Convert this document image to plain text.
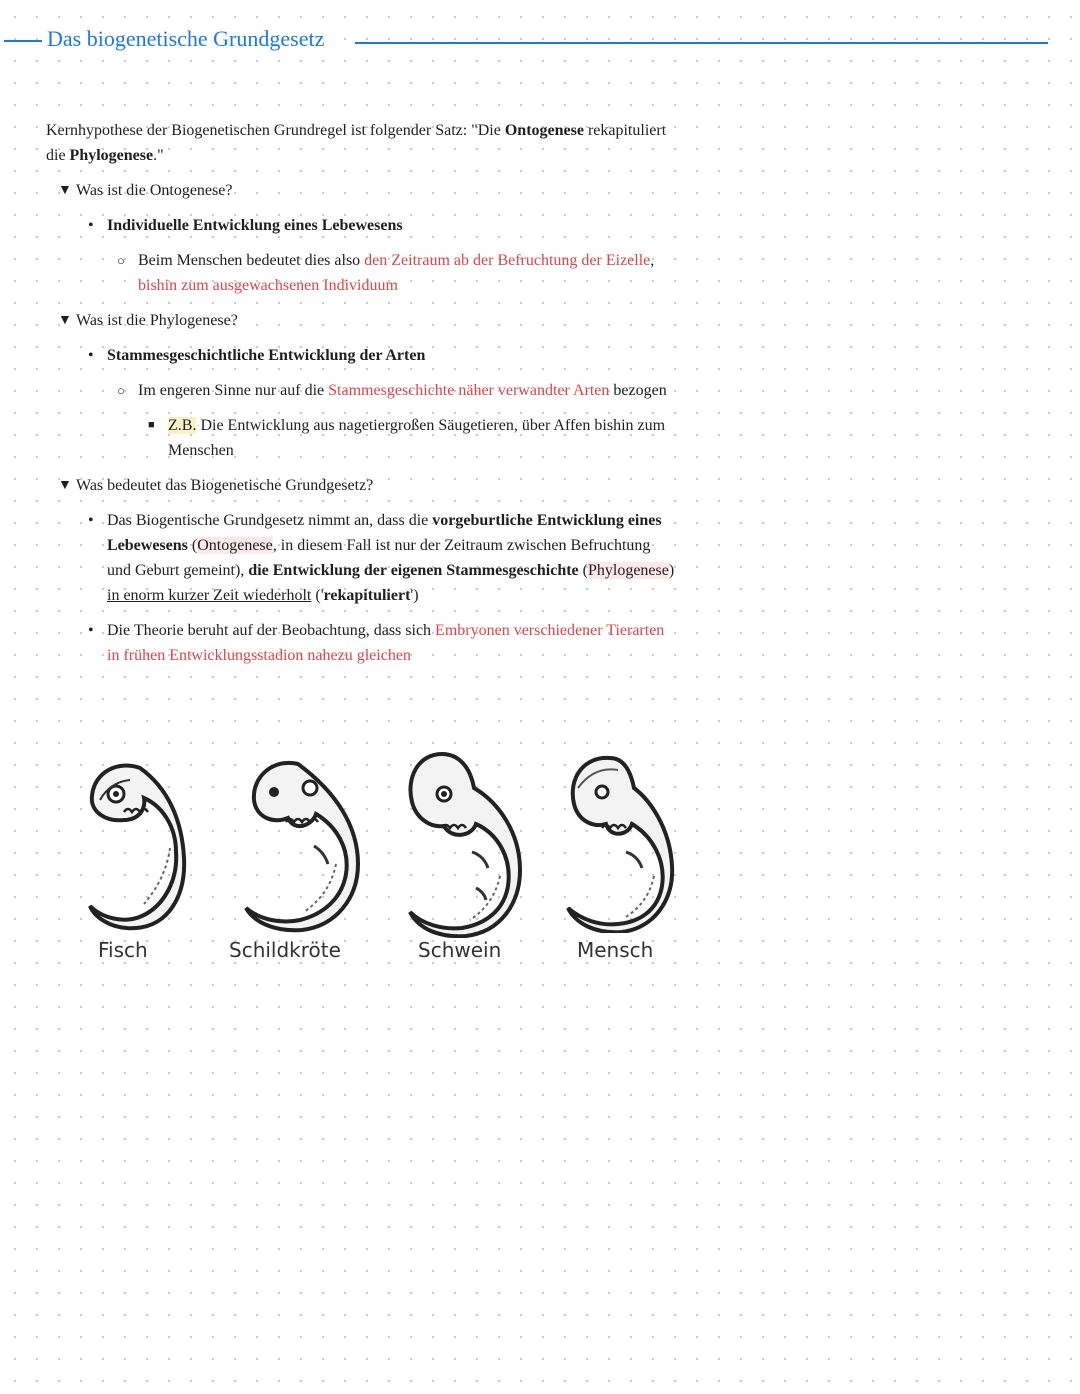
Das biogenetische Grundgesetz

Kernhypothese der Biogenetischen Grundregel ist folgender Satz: "Die Ontogenese rekapituliert die Phylogenese."

▼ Was ist die Ontogenese?
• Individuelle Entwicklung eines Lebewesens
○ Beim Menschen bedeutet dies also den Zeitraum ab der Befruchtung der Eizelle, bishin zum ausgewachsenen Individuum
▼ Was ist die Phylogenese?
• Stammesgeschichtliche Entwicklung der Arten
○ Im engeren Sinne nur auf die Stammesgeschichte näher verwandter Arten bezogen
■ Z.B. Die Entwicklung aus nagetiergroßen Säugetieren, über Affen bishin zum Menschen
▼ Was bedeutet das Biogenetische Grundgesetz?
• Das Biogentische Grundgesetz nimmt an, dass die vorgeburtliche Entwicklung eines Lebewesens (Ontogenese, in diesem Fall ist nur der Zeitraum zwischen Befruchtung und Geburt gemeint), die Entwicklung der eigenen Stammesgeschichte (Phylogenese) in enorm kurzer Zeit wiederholt ('rekapituliert')
• Die Theorie beruht auf der Beobachtung, dass sich Embryonen verschiedener Tierarten in frühen Entwicklungsstadion nahezu gleichen
Fisch	Schildkröte	Schwein	Mensch
